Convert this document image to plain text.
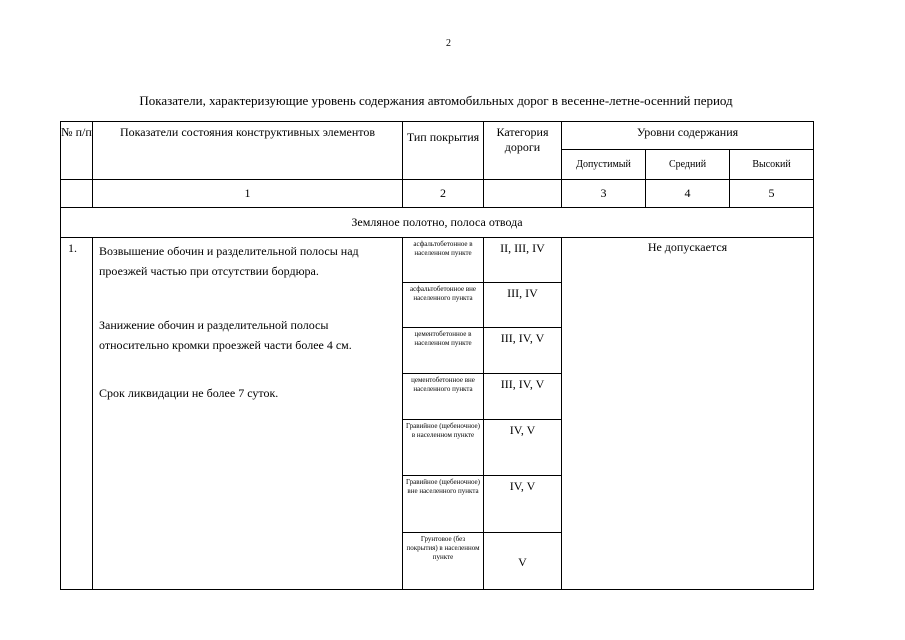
2
Показатели, характеризующие уровень содержания автомобильных дорог в весенне-летне-осенний период
№ п/п	Показатели состояния конструктивных элементов	Тип покрытия	Категория дороги	Уровни содержания		
				Допустимый	Средний	Высокий
	1	2		3	4	5
Земляное полотно, полоса отвода						
1.	Возвышение обочин и разделительной полосы над проезжей частью при отсутствии бордюра.
Занижение обочин и разделительной полосы относительно кромки проезжей части более 4 см.
Срок ликвидации не более 7 суток.	асфальтобетонное в населенном пункте	II, III, IV	Не допускается		
		асфальтобетонное вне населенного пункта	III, IV			
		цементобетонное в населенном пункте	III, IV, V			
		цементобетонное вне населенного пункта	III, IV, V			
		Гравийное (щебеночное) в населенном пункте	IV, V			
		Гравийное (щебеночное) вне населенного пункта	IV, V			
		Грунтовое (без покрытия) в населенном пункте	V			
